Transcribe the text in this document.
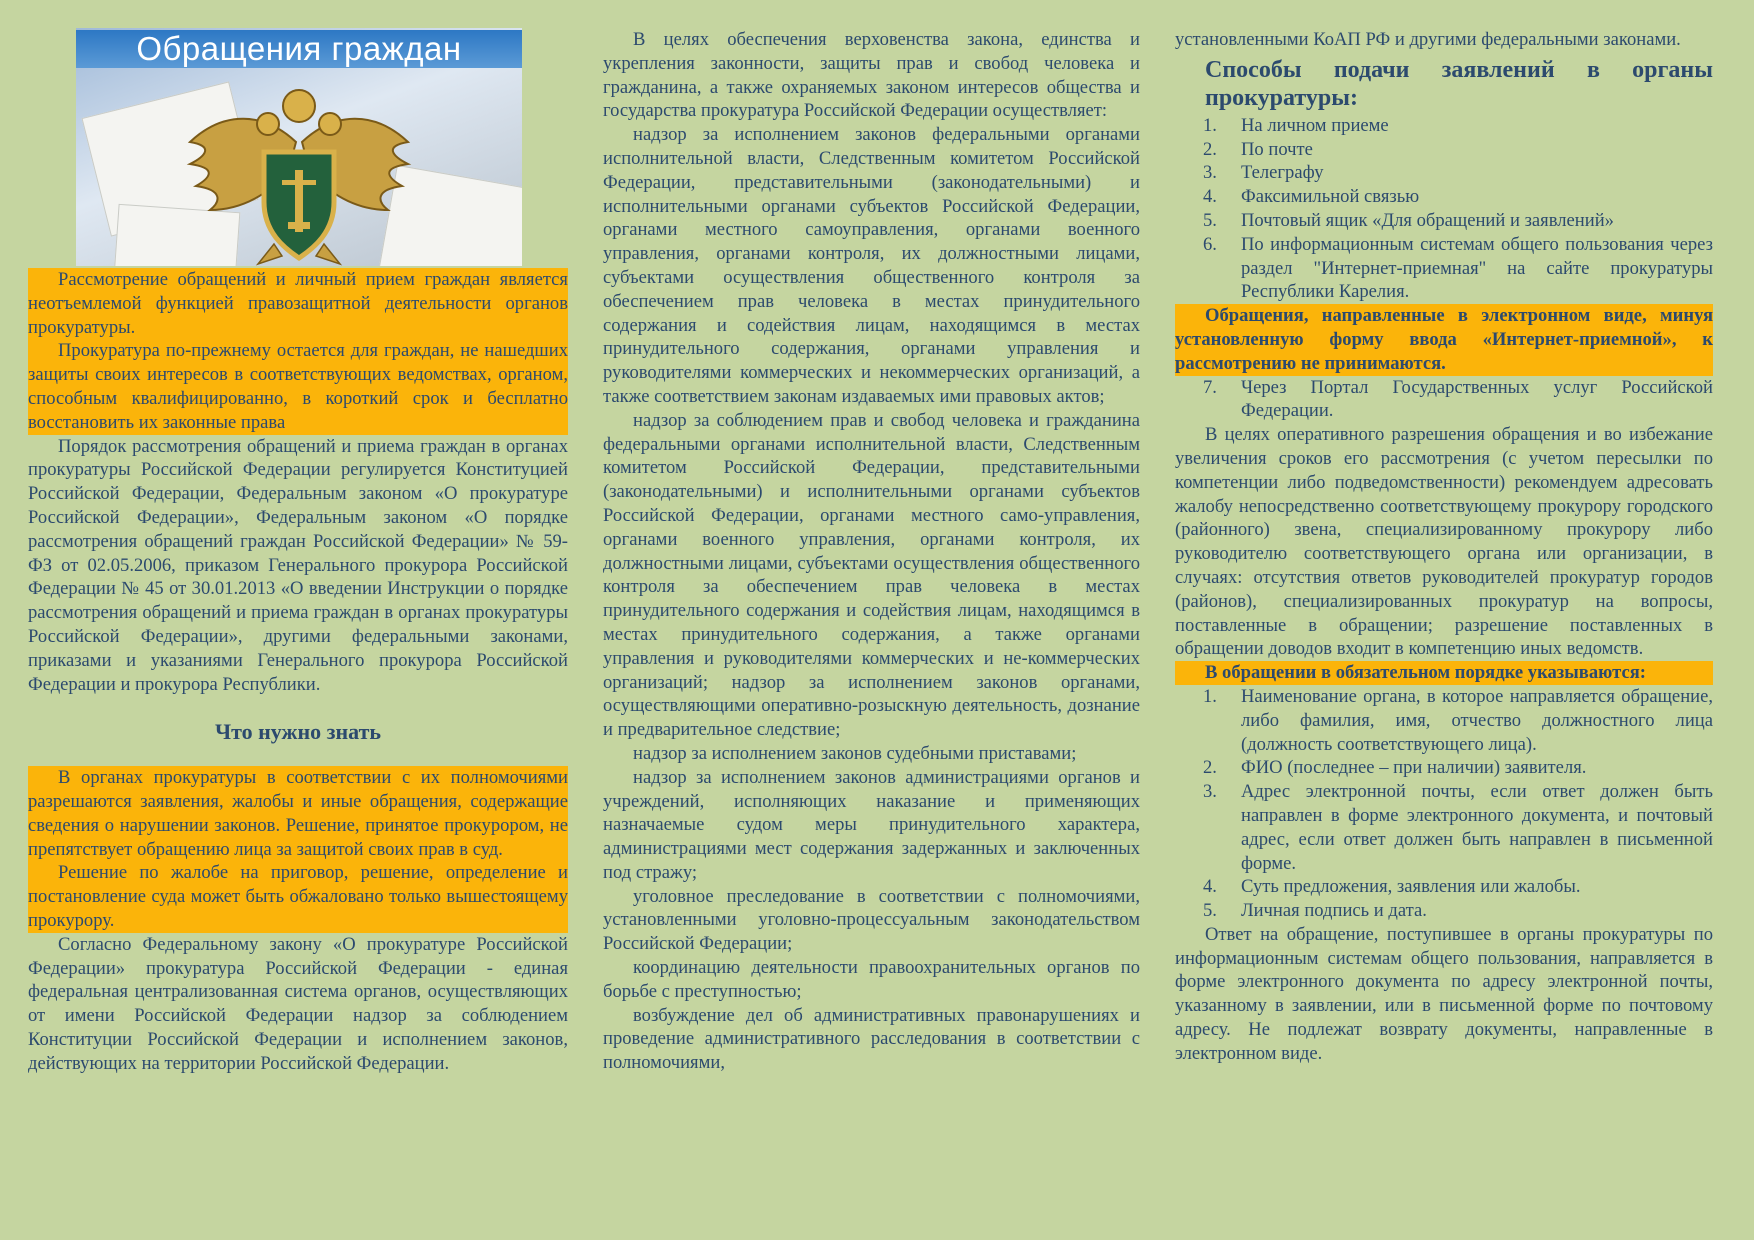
Обращения граждан

Рассмотрение обращений и личный прием граждан является неотъемлемой функцией правозащитной деятельности органов прокуратуры.

Прокуратура по-прежнему остается для граждан, не нашедших защиты своих интересов в соответствующих ведомствах, органом, способным квалифицированно, в короткий срок и бесплатно восстановить их законные права

Порядок рассмотрения обращений и приема граждан в органах прокуратуры Российской Федерации регулируется Конституцией Российской Федерации, Федеральным законом «О прокуратуре Российской Федерации», Федеральным законом «О порядке рассмотрения обращений граждан Российской Федерации» № 59-ФЗ от 02.05.2006, приказом Генерального прокурора Российской Федерации № 45 от 30.01.2013 «О введении Инструкции о порядке рассмотрения обращений и приема граждан в органах прокуратуры Российской Федерации», другими федеральными законами, приказами и указаниями Генерального прокурора Российской Федерации и прокурора Республики.

Что нужно знать

В органах прокуратуры в соответствии с их полномочиями разрешаются заявления, жалобы и иные обращения, содержащие сведения о нарушении законов. Решение, принятое прокурором, не препятствует обращению лица за защитой своих прав в суд.

Решение по жалобе на приговор, решение, определение и постановление суда может быть обжаловано только вышестоящему прокурору.

Согласно Федеральному закону «О прокуратуре Российской Федерации» прокуратура Российской Федерации - единая федеральная централизованная система органов, осуществляющих от имени Российской Федерации надзор за соблюдением Конституции Российской Федерации и исполнением законов, действующих на территории Российской Федерации.

В целях обеспечения верховенства закона, единства и укрепления законности, защиты прав и свобод человека и гражданина, а также охраняемых законом интересов общества и государства прокуратура Российской Федерации осуществляет:

надзор за исполнением законов федеральными органами исполнительной власти, Следственным комитетом Российской Федерации, представительными (законодательными) и исполнительными органами субъектов Российской Федерации, органами местного самоуправления, органами военного управления, органами контроля, их должностными лицами, субъектами осуществления общественного контроля за обеспечением прав человека в местах принудительного содержания и содействия лицам, находящимся в местах принудительного содержания, органами управления и руководителями коммерческих и некоммерческих организаций, а также соответствием законам издаваемых ими правовых актов;

надзор за соблюдением прав и свобод человека и гражданина федеральными органами исполнительной власти, Следственным комитетом Российской Федерации, представительными (законодательными) и исполнительными органами субъектов Российской Федерации, органами местного само-управления, органами военного управления, органами контроля, их должностными лицами, субъектами осуществления общественного контроля за обеспечением прав человека в местах принудительного содержания и содействия лицам, находящимся в местах принудительного содержания, а также органами управления и руководителями коммерческих и не-коммерческих организаций; надзор за исполнением законов органами, осуществляющими оперативно-розыскную деятельность, дознание и предварительное следствие;

надзор за исполнением законов судебными приставами;

надзор за исполнением законов администрациями органов и учреждений, исполняющих наказание и применяющих назначаемые судом меры принудительного характера, администрациями мест содержания задержанных и заключенных под стражу;

уголовное преследование в соответствии с полномочиями, установленными уголовно-процессуальным законодательством Российской Федерации;

координацию деятельности правоохранительных органов по борьбе с преступностью;

возбуждение дел об административных правонарушениях и проведение административного расследования в соответствии с полномочиями,

установленными КоАП РФ и другими федеральными законами.

Способы подачи заявлений в органы прокуратуры:
1.	На личном приеме
2.	По почте
3.	Телеграфу
4.	Факсимильной связью
5.	Почтовый ящик «Для обращений и заявлений»
6.	По информационным системам общего пользования через раздел "Интернет-приемная" на сайте прокуратуры Республики Карелия.

Обращения, направленные в электронном виде, минуя установленную форму ввода «Интернет-приемной», к рассмотрению не принимаются.

7.	Через Портал Государственных услуг Российской Федерации.

В целях оперативного разрешения обращения и во избежание увеличения сроков его рассмотрения (с учетом пересылки по компетенции либо подведомственности) рекомендуем адресовать жалобу непосредственно соответствующему прокурору городского (районного) звена, специализированному прокурору либо руководителю соответствующего органа или организации, в случаях: отсутствия ответов руководителей прокуратур городов (районов), специализированных прокуратур на вопросы, поставленные в обращении; разрешение поставленных в обращении доводов входит в компетенцию иных ведомств.

В обращении в обязательном порядке указываются:

1.	Наименование органа, в которое направляется обращение, либо фамилия, имя, отчество должностного лица (должность соответствующего лица).
2.	ФИО (последнее – при наличии) заявителя.
3.	Адрес электронной почты, если ответ должен быть направлен в форме электронного документа, и почтовый адрес, если ответ должен быть направлен в письменной форме.
4.	Суть предложения, заявления или жалобы.
5.	Личная подпись и дата.

Ответ на обращение, поступившее в органы прокуратуры по информационным системам общего пользования, направляется в форме электронного документа по адресу электронной почты, указанному в заявлении, или в письменной форме по почтовому адресу. Не подлежат возврату документы, направленные в электронном виде.
